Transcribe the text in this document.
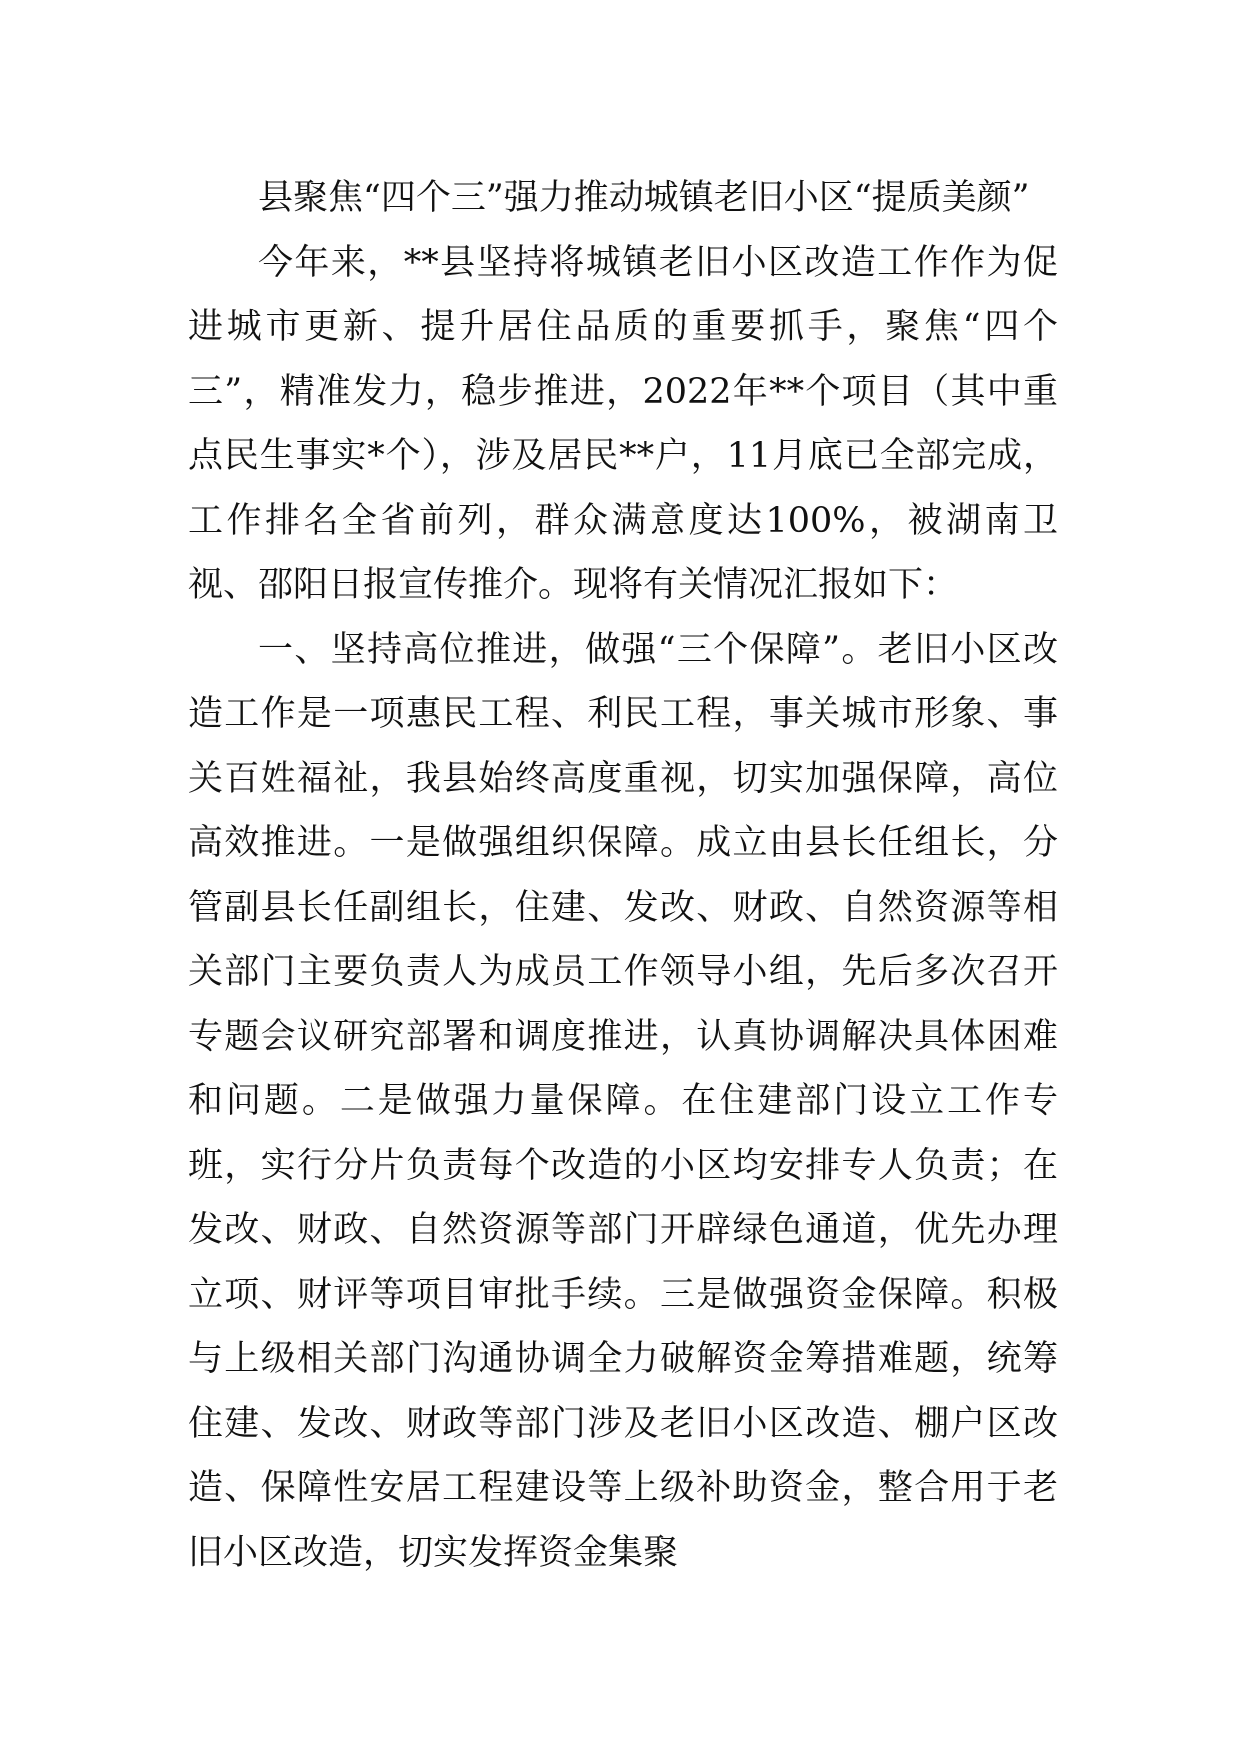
县聚焦“四个三”强力推动城镇老旧小区“提质美颜”

今年来，**县坚持将城镇老旧小区改造工作作为促进城市更新、提升居住品质的重要抓手，聚焦“四个三”，精准发力，稳步推进，2022年**个项目（其中重点民生事实*个），涉及居民**户，11月底已全部完成，工作排名全省前列，群众满意度达100%，被湖南卫视、邵阳日报宣传推介。现将有关情况汇报如下：

一、坚持高位推进，做强“三个保障”。老旧小区改造工作是一项惠民工程、利民工程，事关城市形象、事关百姓福祉，我县始终高度重视，切实加强保障，高位高效推进。一是做强组织保障。成立由县长任组长，分管副县长任副组长，住建、发改、财政、自然资源等相关部门主要负责人为成员工作领导小组，先后多次召开专题会议研究部署和调度推进，认真协调解决具体困难和问题。二是做强力量保障。在住建部门设立工作专班，实行分片负责每个改造的小区均安排专人负责；在发改、财政、自然资源等部门开辟绿色通道，优先办理立项、财评等项目审批手续。三是做强资金保障。积极与上级相关部门沟通协调全力破解资金筹措难题，统筹住建、发改、财政等部门涉及老旧小区改造、棚户区改造、保障性安居工程建设等上级补助资金，整合用于老旧小区改造，切实发挥资金集聚
